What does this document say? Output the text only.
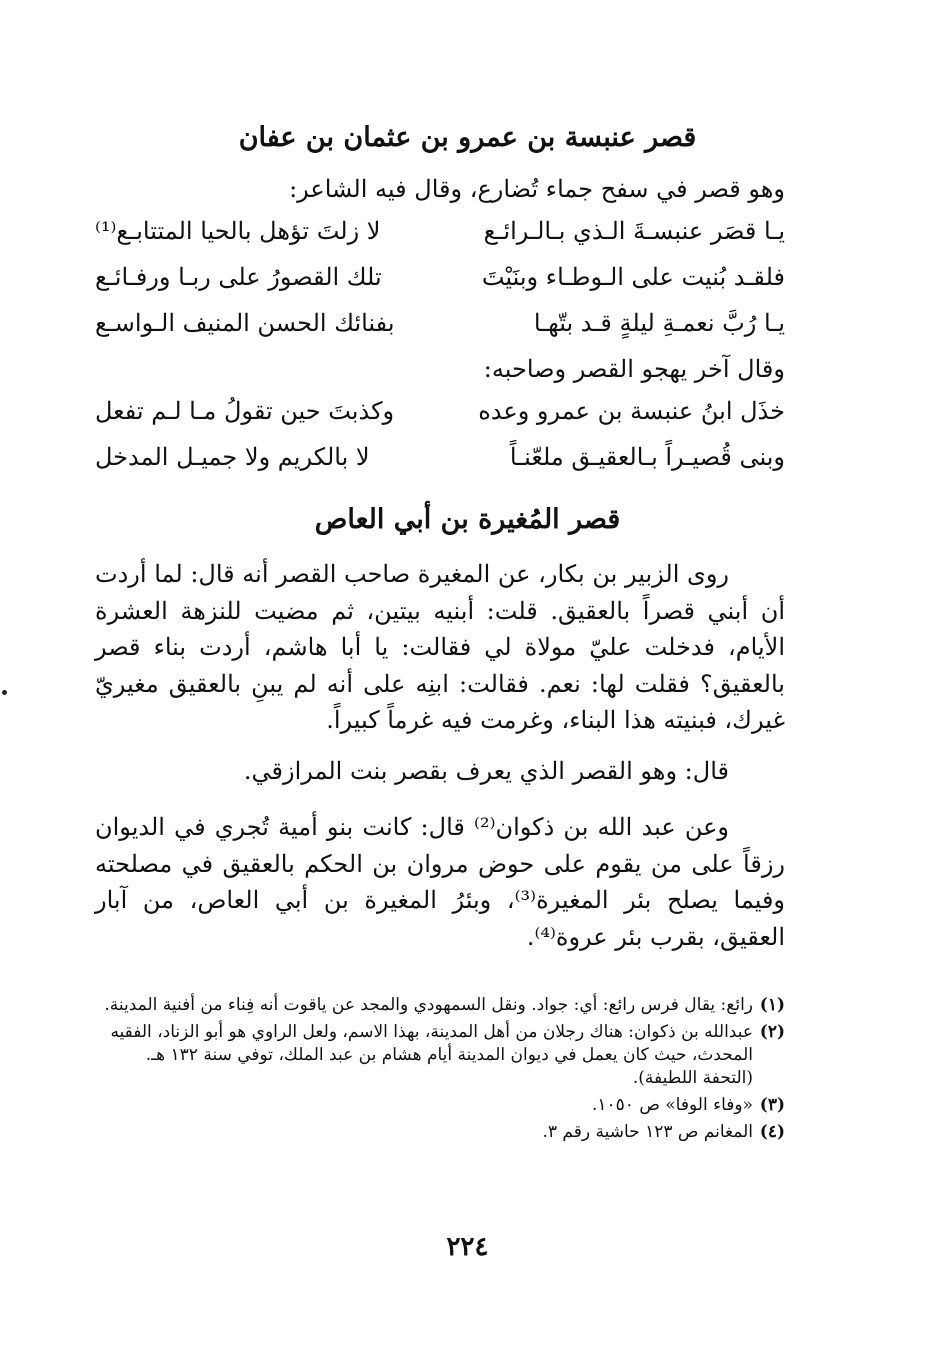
قصر عنبسة بن عمرو بن عثمان بن عفان
وهو قصر في سفح جماء تُضارع، وقال فيه الشاعر:
يـا قصَر عنبسـةَ الـذي بـالـرائـع
لا زلتَ تؤهل بالحيا المتتابـع⁽¹⁾
فلقـد بُنيت على الـوطـاء وبنَيْتَ
تلك القصورُ على ربـا ورفـائـع
يـا رُبَّ نعمـةِ ليلةٍ قـد بتّهـا
بفنائك الحسن المنيف الـواسـع
وقال آخر يهجو القصر وصاحبه:
خذَل ابنُ عنبسة بن عمرو وعده
وكذبتَ حين تقولُ مـا لـم تفعل
وبنى قُصيـراً بـالعقيـق ملعّنـاً
لا بالكريم ولا جميـل المدخل
قصر المُغيرة بن أبي العاص

روى الزبير بن بكار، عن المغيرة صاحب القصر أنه قال: لما أردت أن أبني قصراً بالعقيق. قلت: أبنيه بيتين، ثم مضيت للنزهة العشرة الأيام، فدخلت عليّ مولاة لي فقالت: يا أبا هاشم، أردت بناء قصر بالعقيق؟ فقلت لها: نعم. فقالت: ابنِه على أنه لم يبنِ بالعقيق مغيريّ غيرك، فبنيته هذا البناء، وغرمت فيه غرماً كبيراً.

قال: وهو القصر الذي يعرف بقصر بنت المرازقي.

وعن عبد الله بن ذكوان⁽²⁾ قال: كانت بنو أمية تُجري في الديوان رزقاً على من يقوم على حوض مروان بن الحكم بالعقيق في مصلحته وفيما يصلح بئر المغيرة⁽³⁾، وبئرُ المغيرة بن أبي العاص، من آبار العقيق، بقرب بئر عروة⁽⁴⁾.

(١)
رائع: يقال فرس رائع: أي: جواد. ونقل السمهودي والمجد عن ياقوت أنه فِناء من أفنية المدينة.
(٢)
عبدالله بن ذكوان: هناك رجلان من أهل المدينة، بهذا الاسم، ولعل الراوي هو أبو الزناد، الفقيه المحدث، حيث كان يعمل في ديوان المدينة أيام هشام بن عبد الملك، توفي سنة ١٣٢ هـ. (التحفة اللطيفة).
(٣)
«وفاء الوفا» ص ١٠٥٠.
(٤)
المغانم ص ١٢٣ حاشية رقم ٣.
٢٢٤
